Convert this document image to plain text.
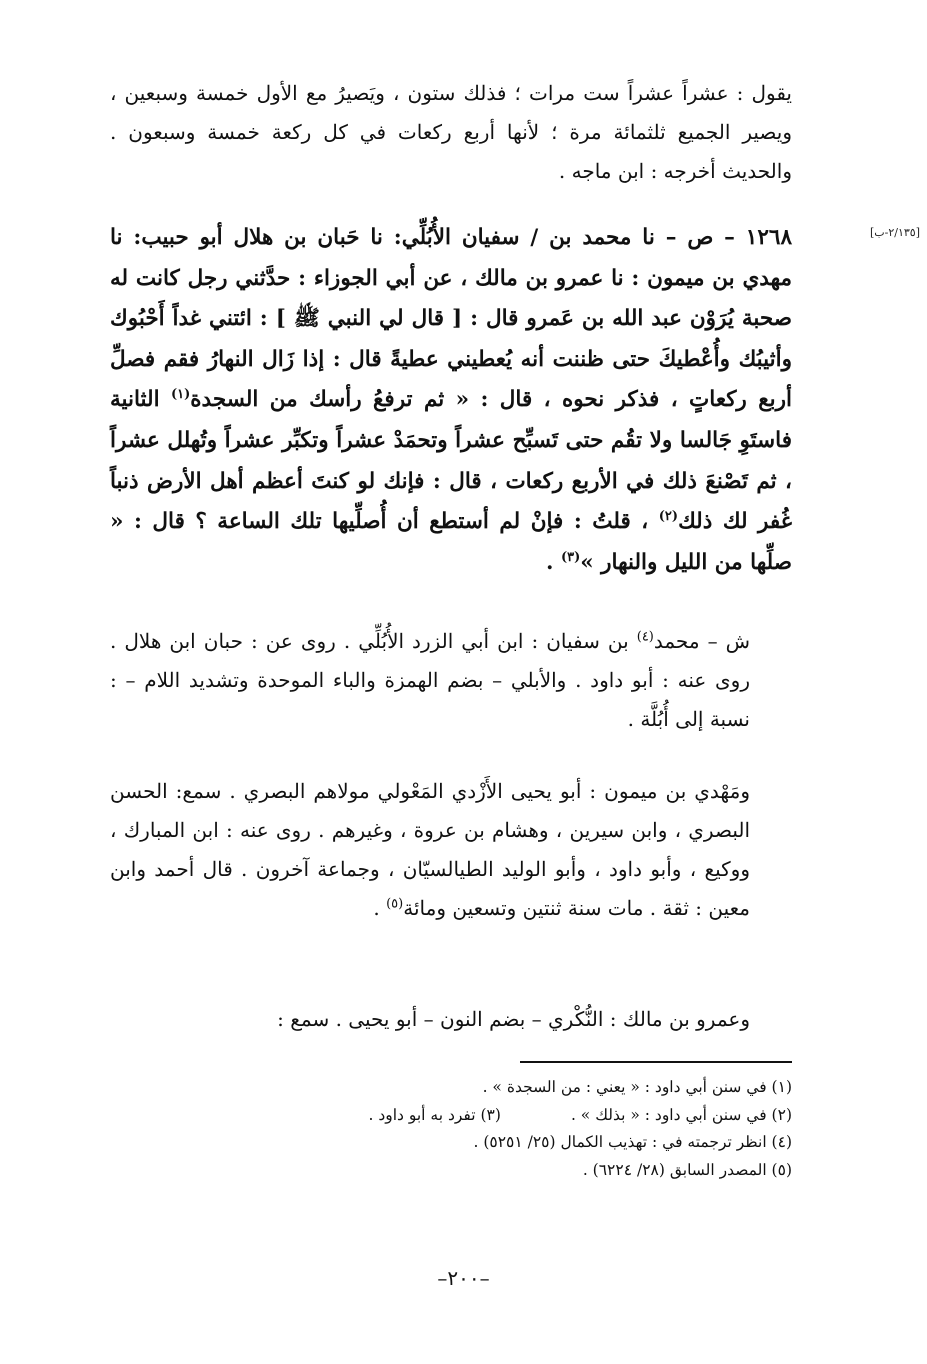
[٢/١٣٥-ب]

يقول : عشراً عشراً ست مرات ؛ فذلك ستون ، ويَصيرُ مع الأول خمسة وسبعين ، ويصير الجميع ثلثمائة مرة ؛ لأنها أربع ركعات في كل ركعة خمسة وسبعون . والحديث أخرجه : ابن ماجه .

١٢٦٨ – ص – نا محمد بن / سفيان الأُبُلِّي: نا حَبان بن هلال أبو حبيب: نا مهدي بن ميمون : نا عمرو بن مالك ، عن أبي الجوزاء : حدَّثني رجل كانت له صحبة يُرَوْن عبد الله بن عَمرو قال : [ قال لي النبي ﷺ ] : ائتني غداً أَحْبُوك وأثيبُك وأُعْطيكَ حتى ظننت أنه يُعطيني عطيةً قال : إذا زَال النهارُ فقم فصلِّ أربع ركعاتٍ ، فذكر نحوه ، قال : « ثم ترفعُ رأسك من السجدة$^{(١)}$ الثانية فاستَوِ جَالسا ولا تقُم حتى تَسبِّح عشراً وتحمَدْ عشراً وتكبِّر عشراً وتُهلل عشراً ، ثم تَصْنعَ ذلك في الأربع ركعات ، قال : فإنك لو كنتَ أعظم أهل الأرض ذنباً غُفر لك ذلك$^{(٢)}$ ، قلتُ : فإنْ لم أستطع أن أُصلِّيها تلك الساعة ؟ قال : « صلِّها من الليل والنهار »$^{(٣)}$ .

ش – محمد$^{(٤)}$ بن سفيان : ابن أبي الزرد الأُبُلِّي . روى عن : حبان ابن هلال . روى عنه : أبو داود . والأبلي – بضم الهمزة والباء الموحدة وتشديد اللام – : نسبة إلى أُبُلَّة .

ومَهْدي بن ميمون : أبو يحيى الأَزْدي المَعْولي مولاهم البصري . سمع: الحسن البصري ، وابن سيرين ، وهشام بن عروة ، وغيرهم . روى عنه : ابن المبارك ، ووكيع ، وأبو داود ، وأبو الوليد الطيالسيّان ، وجماعة آخرون . قال أحمد وابن معين : ثقة . مات سنة ثنتين وتسعين ومائة$^{(٥)}$ .

وعمرو بن مالك : النُّكْري – بضم النون – أبو يحيى . سمع :

(١) في سنن أبي داود : « يعني : من السجدة » .

(٢) في سنن أبي داود : « بذلك » .(٣) تفرد به أبو داود .

(٤) انظر ترجمته في : تهذيب الكمال (٢٥/ ٥٢٥١) .

(٥) المصدر السابق (٢٨/ ٦٢٢٤) .

–٢٠٠–
